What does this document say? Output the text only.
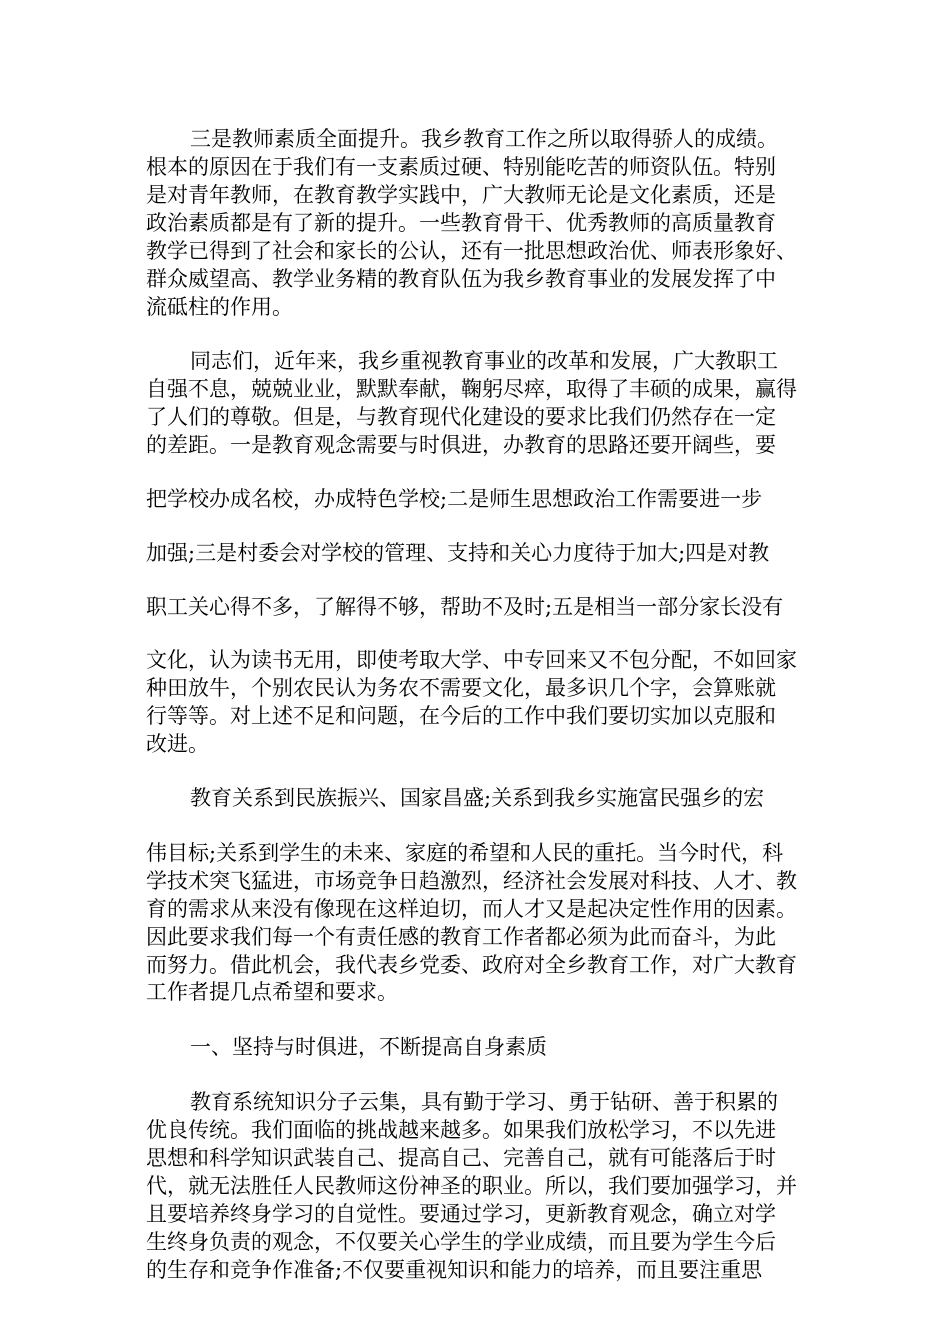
三是教师素质全面提升。我乡教育工作之所以取得骄人的成绩。
根本的原因在于我们有一支素质过硬、特别能吃苦的师资队伍。特别
是对青年教师，在教育教学实践中，广大教师无论是文化素质，还是
政治素质都是有了新的提升。一些教育骨干、优秀教师的高质量教育
教学已得到了社会和家长的公认，还有一批思想政治优、师表形象好、
群众威望高、教学业务精的教育队伍为我乡教育事业的发展发挥了中
流砥柱的作用。
同志们，近年来，我乡重视教育事业的改革和发展，广大教职工
自强不息，兢兢业业，默默奉献，鞠躬尽瘁，取得了丰硕的成果，赢得
了人们的尊敬。但是，与教育现代化建设的要求比我们仍然存在一定
的差距。一是教育观念需要与时俱进，办教育的思路还要开阔些，要
把学校办成名校，办成特色学校;二是师生思想政治工作需要进一步
加强;三是村委会对学校的管理、支持和关心力度待于加大;四是对教
职工关心得不多，了解得不够，帮助不及时;五是相当一部分家长没有
文化，认为读书无用，即使考取大学、中专回来又不包分配，不如回家
种田放牛，个别农民认为务农不需要文化，最多识几个字，会算账就
行等等。对上述不足和问题，在今后的工作中我们要切实加以克服和
改进。
教育关系到民族振兴、国家昌盛;关系到我乡实施富民强乡的宏
伟目标;关系到学生的未来、家庭的希望和人民的重托。当今时代，科
学技术突飞猛进，市场竞争日趋激烈，经济社会发展对科技、人才、教
育的需求从来没有像现在这样迫切，而人才又是起决定性作用的因素。
因此要求我们每一个有责任感的教育工作者都必须为此而奋斗，为此
而努力。借此机会，我代表乡党委、政府对全乡教育工作，对广大教育
工作者提几点希望和要求。
一、坚持与时俱进，不断提高自身素质
教育系统知识分子云集，具有勤于学习、勇于钻研、善于积累的
优良传统。我们面临的挑战越来越多。如果我们放松学习，不以先进
思想和科学知识武装自己、提高自己、完善自己，就有可能落后于时
代，就无法胜任人民教师这份神圣的职业。所以，我们要加强学习，并
且要培养终身学习的自觉性。要通过学习，更新教育观念，确立对学
生终身负责的观念，不仅要关心学生的学业成绩，而且要为学生今后
的生存和竞争作准备;不仅要重视知识和能力的培养，而且要注重思
